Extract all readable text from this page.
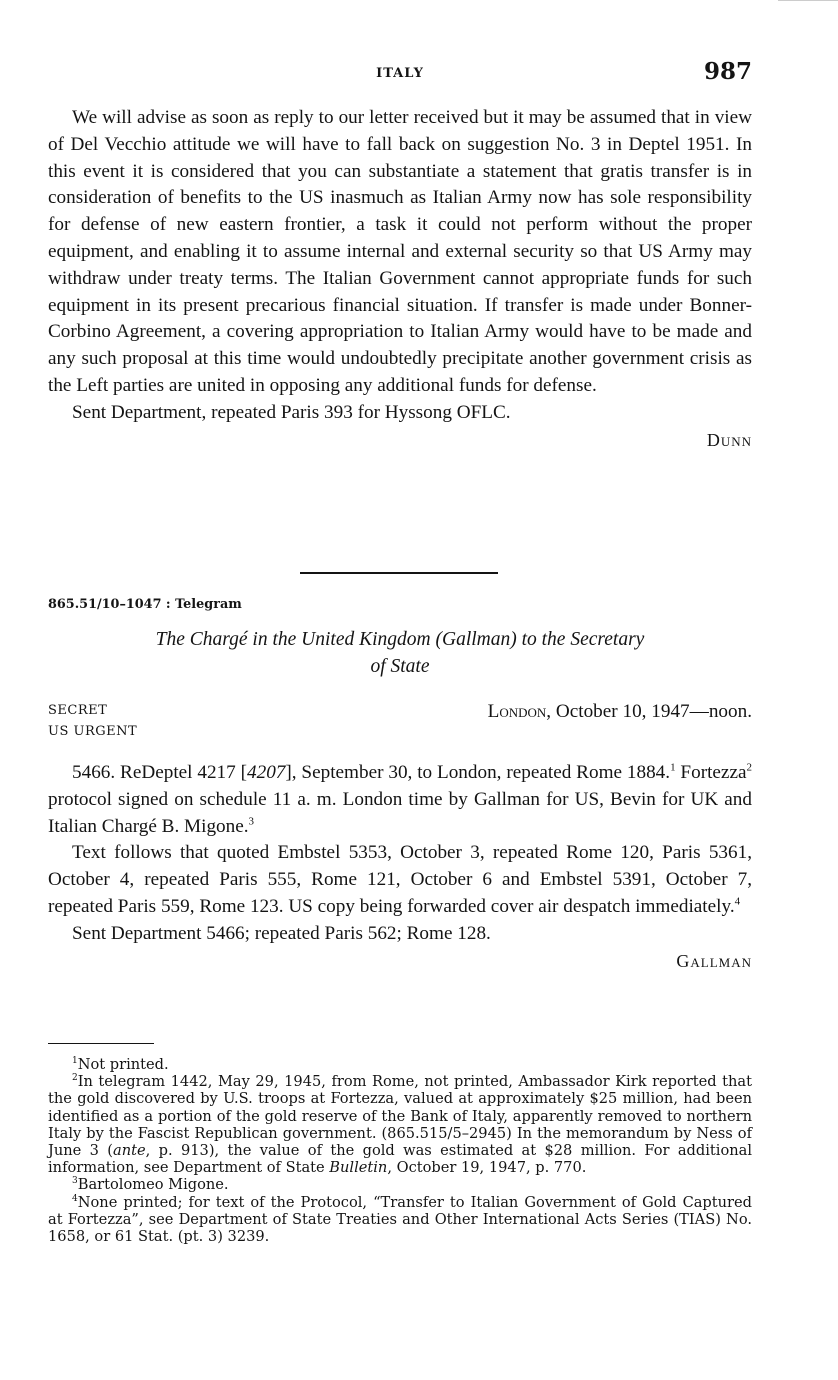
ITALY	987

We will advise as soon as reply to our letter received but it may be assumed that in view of Del Vecchio attitude we will have to fall back on suggestion No. 3 in Deptel 1951. In this event it is considered that you can substantiate a statement that gratis transfer is in consideration of benefits to the US inasmuch as Italian Army now has sole responsibility for defense of new eastern frontier, a task it could not perform without the proper equipment, and enabling it to assume internal and external security so that US Army may withdraw under treaty terms. The Italian Government cannot appropriate funds for such equipment in its present precarious financial situation. If transfer is made under Bonner-Corbino Agreement, a covering appropriation to Italian Army would have to be made and any such proposal at this time would undoubtedly precipitate another government crisis as the Left parties are united in opposing any additional funds for defense.

Sent Department, repeated Paris 393 for Hyssong OFLC.

Dunn
865.51/10–1047 : Telegram
The Chargé in the United Kingdom (Gallman) to the Secretary
of State
SECRET
US URGENT
London, October 10, 1947—noon.

5466. ReDeptel 4217 [4207], September 30, to London, repeated Rome 1884.$^1$ Fortezza$^2$ protocol signed on schedule 11 a. m. London time by Gallman for US, Bevin for UK and Italian Chargé B. Migone.$^3$

Text follows that quoted Embstel 5353, October 3, repeated Rome 120, Paris 5361, October 4, repeated Paris 555, Rome 121, October 6 and Embstel 5391, October 7, repeated Paris 559, Rome 123. US copy being forwarded cover air despatch immediately.$^4$

Sent Department 5466; repeated Paris 562; Rome 128.

Gallman

$^1$Not printed.

$^2$In telegram 1442, May 29, 1945, from Rome, not printed, Ambassador Kirk reported that the gold discovered by U.S. troops at Fortezza, valued at approximately $25 million, had been identified as a portion of the gold reserve of the Bank of Italy, apparently removed to northern Italy by the Fascist Republican government. (865.515/5–2945) In the memorandum by Ness of June 3 (ante, p. 913), the value of the gold was estimated at $28 million. For additional information, see Department of State Bulletin, October 19, 1947, p. 770.

$^3$Bartolomeo Migone.

$^4$None printed; for text of the Protocol, “Transfer to Italian Government of Gold Captured at Fortezza”, see Department of State Treaties and Other International Acts Series (TIAS) No. 1658, or 61 Stat. (pt. 3) 3239.
